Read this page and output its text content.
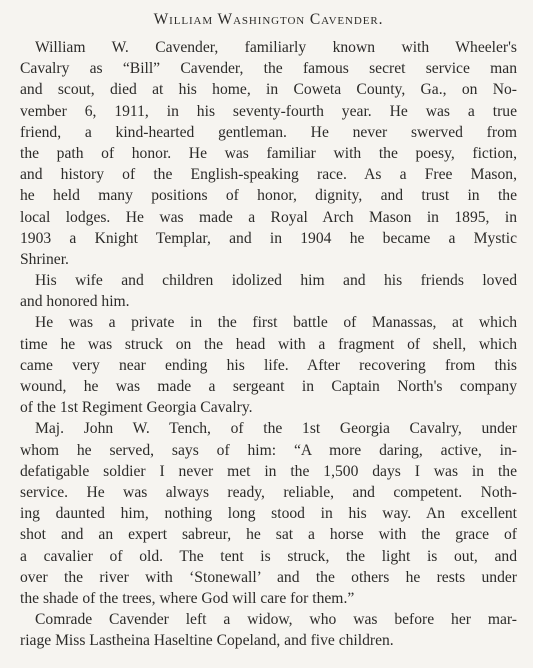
William Washington Cavender.

William W. Cavender, familiarly known with Wheeler's
Cavalry as “Bill” Cavender, the famous secret service man
and scout, died at his home, in Coweta County, Ga., on No-
vember 6, 1911, in his seventy-fourth year. He was a true
friend, a kind-hearted gentleman. He never swerved from
the path of honor. He was familiar with the poesy, fiction,
and history of the English-speaking race. As a Free Mason,
he held many positions of honor, dignity, and trust in the
local lodges. He was made a Royal Arch Mason in 1895, in
1903 a Knight Templar, and in 1904 he became a Mystic
Shriner.

His wife and children idolized him and his friends loved
and honored him.

He was a private in the first battle of Manassas, at which
time he was struck on the head with a fragment of shell, which
came very near ending his life. After recovering from this
wound, he was made a sergeant in Captain North's company
of the 1st Regiment Georgia Cavalry.

Maj. John W. Tench, of the 1st Georgia Cavalry, under
whom he served, says of him: “A more daring, active, in-
defatigable soldier I never met in the 1,500 days I was in the
service. He was always ready, reliable, and competent. Noth-
ing daunted him, nothing long stood in his way. An excellent
shot and an expert sabreur, he sat a horse with the grace of
a cavalier of old. The tent is struck, the light is out, and
over the river with ‘Stonewall’ and the others he rests under
the shade of the trees, where God will care for them.”

Comrade Cavender left a widow, who was before her mar-
riage Miss Lastheina Haseltine Copeland, and five children.
